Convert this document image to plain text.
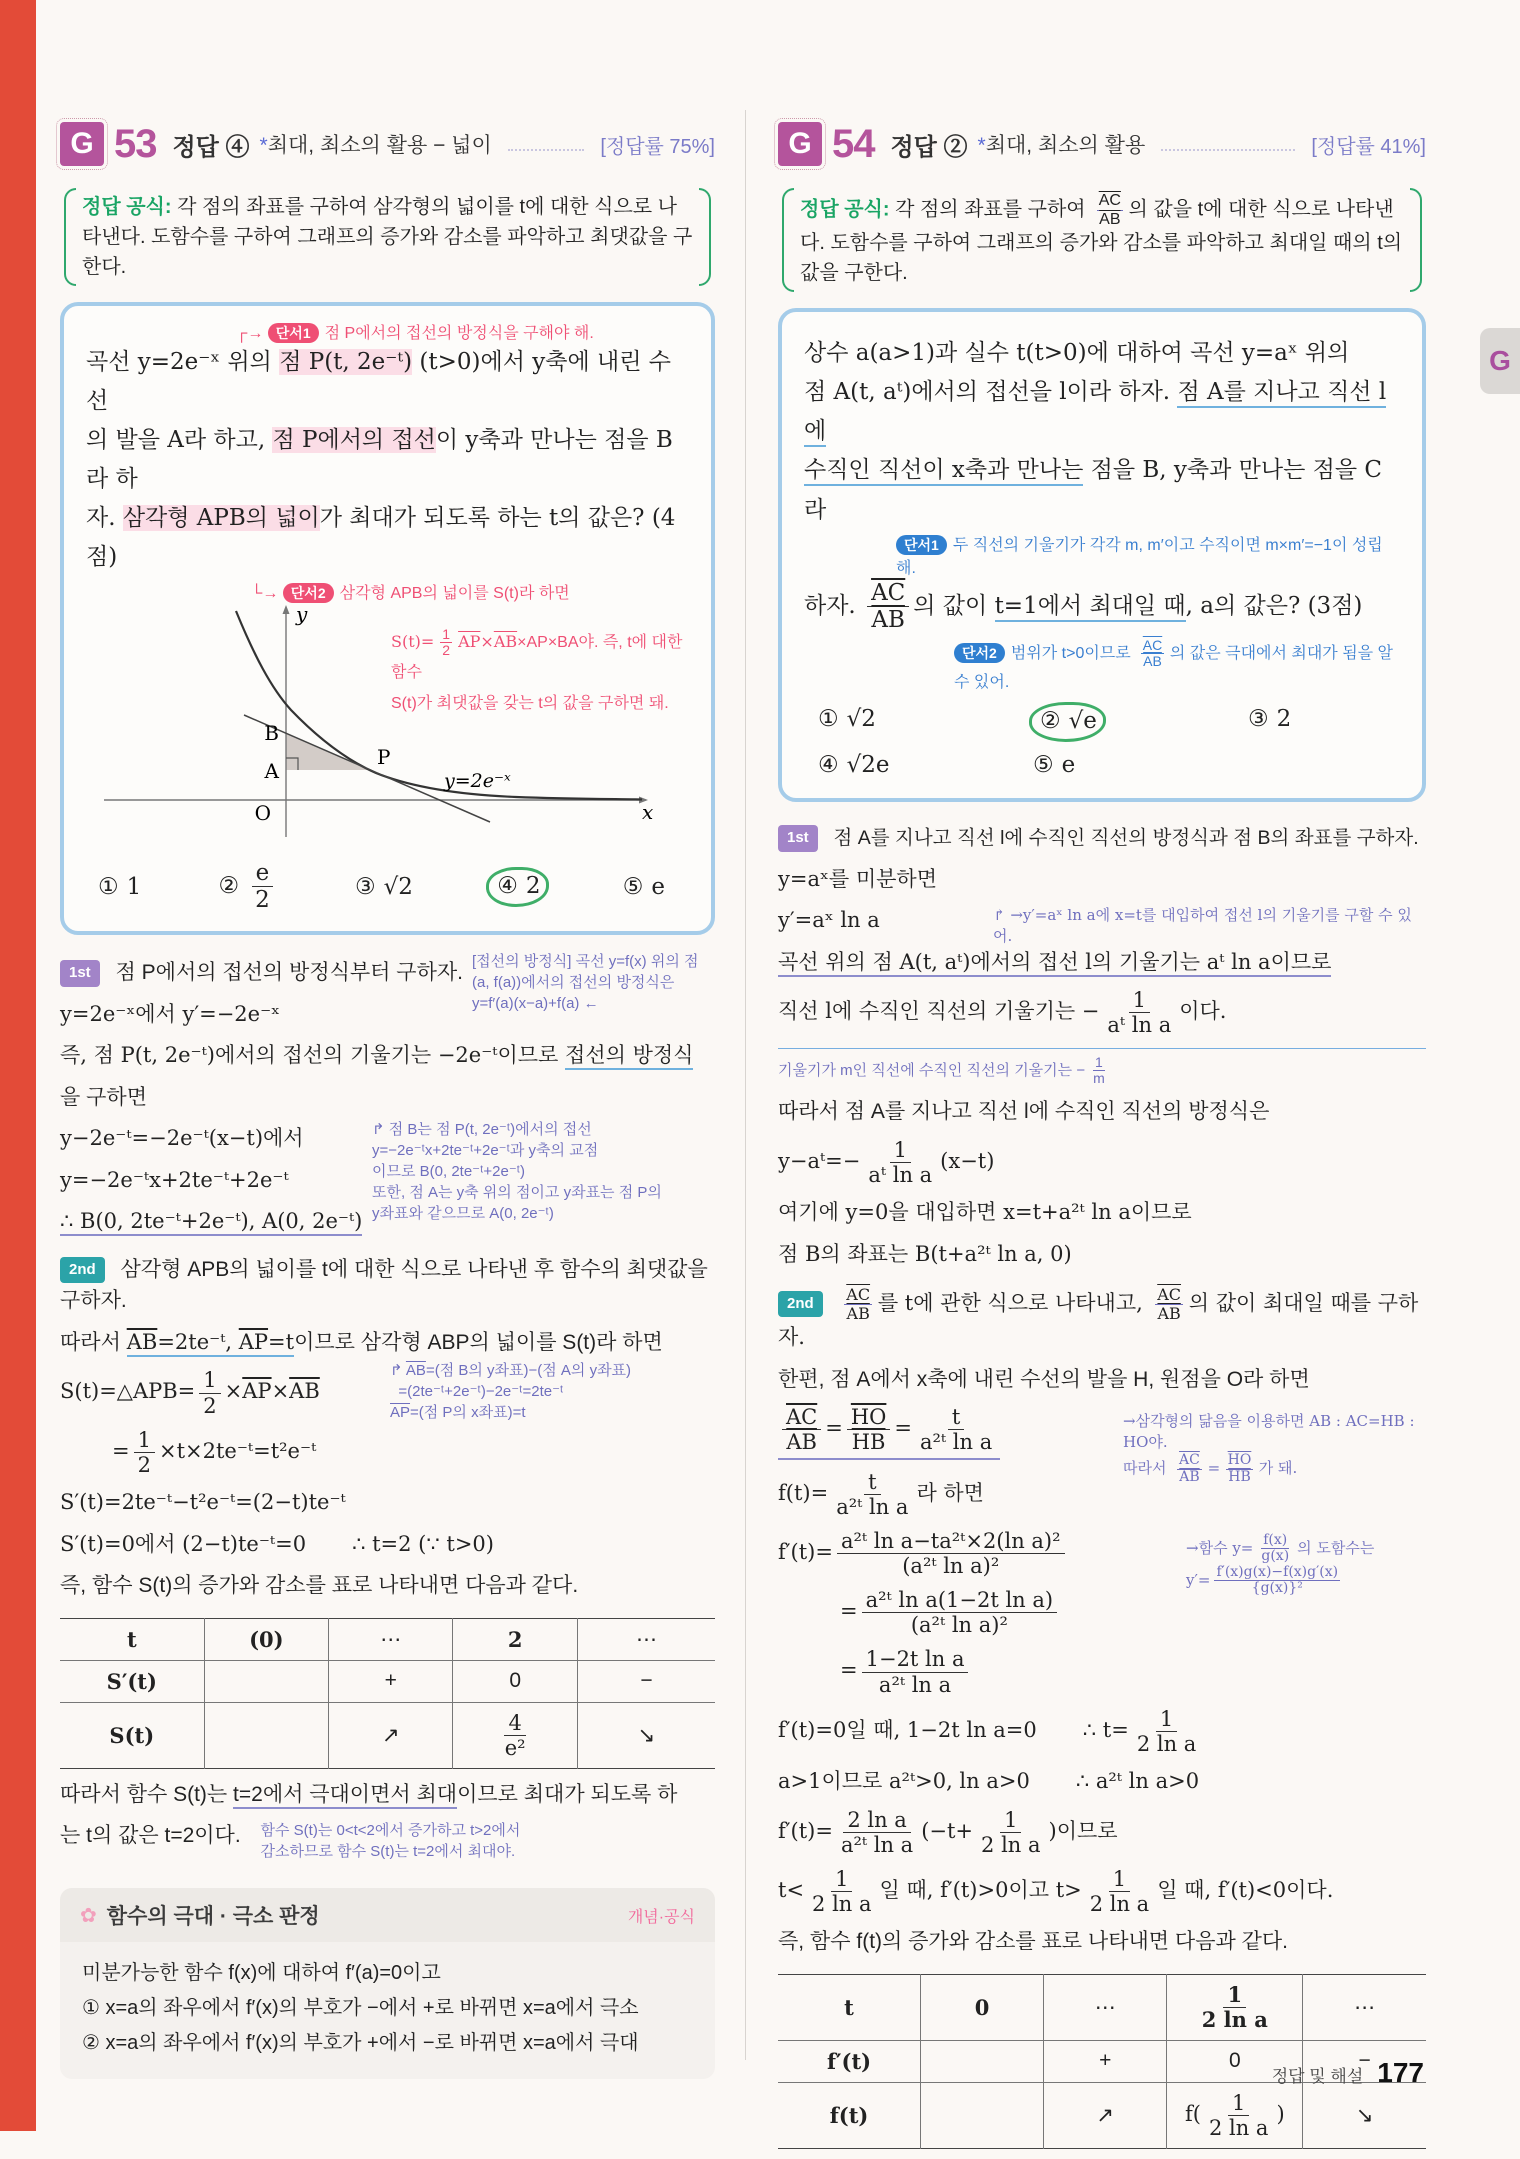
G
G 53 정답 ④ *최대, 최소의 활용 − 넓이	[정답률 75%]
정답 공식: 각 점의 좌표를 구하여 삼각형의 넓이를 t에 대한 식으로 나타낸다. 도함수를 구하여 그래프의 증가와 감소를 파악하고 최댓값을 구한다.
┌→ 단서1 점 P에서의 접선의 방정식을 구해야 해.
곡선 y=2e⁻ˣ 위의 점 P(t, 2e⁻ᵗ) (t>0)에서 y축에 내린 수선
의 발을 A라 하고, 점 P에서의 접선이 y축과 만나는 점을 B라 하
자. 삼각형 APB의 넓이가 최대가 되도록 하는 t의 값은? (4점)
└→ 단서2 삼각형 APB의 넓이를 S(t)라 하면
$S(t)= \frac{1}{2} \overline{AP}\times\overline{AB}\times AP\times BA$야. 즉, t에 대한 함수
S(t)가 최댓값을 갖는 t의 값을 구하면 돼.
B
A
P
O
y
x
y=2e⁻ˣ
① 1	② $\frac{e}{2}$	③ √2	④ 2	⑤ e
1st 점 P에서의 접선의 방정식부터 구하자. [접선의 방정식] 곡선 y=f(x) 위의 점
(a, f(a))에서의 접선의 방정식은
y=f′(a)(x−a)+f(a) ←
y=2e⁻ˣ에서 y′=−2e⁻ˣ
즉, 점 P(t, 2e⁻ᵗ)에서의 접선의 기울기는 −2e⁻ᵗ이므로 접선의 방정식
을 구하면
↱ 점 B는 점 P(t, 2e⁻ᵗ)에서의 접선
y=−2e⁻ᵗx+2te⁻ᵗ+2e⁻ᵗ과 y축의 교점
이므로 B(0, 2te⁻ᵗ+2e⁻ᵗ)
또한, 점 A는 y축 위의 점이고 y좌표는 점 P의
y좌표와 같으므로 A(0, 2e⁻ᵗ)
y−2e⁻ᵗ=−2e⁻ᵗ(x−t)에서
y=−2e⁻ᵗx+2te⁻ᵗ+2e⁻ᵗ
∴ B(0, 2te⁻ᵗ+2e⁻ᵗ), A(0, 2e⁻ᵗ)
2nd 삼각형 APB의 넓이를 t에 대한 식으로 나타낸 후 함수의 최댓값을 구하자.
따라서 $\overline{AB}=2te^-ᵗ$, $\overline{AP}=t$이므로 삼각형 ABP의 넓이를 S(t)라 하면
↱ $\overline{AB}=$(점 B의 y좌표)−(점 A의 y좌표)
=(2te⁻ᵗ+2e⁻ᵗ)−2e⁻ᵗ=2te⁻ᵗ
$\overline{AP}=$(점 P의 x좌표)=t
S(t)=△APB= $\frac{1}{2} \times\overline{AP}\times\overline{AB}$
= $\frac{1}{2}$ ×t×2te⁻ᵗ=t²e⁻ᵗ
S′(t)=2te⁻ᵗ−t²e⁻ᵗ=(2−t)te⁻ᵗ
S′(t)=0에서 (2−t)te⁻ᵗ=0 ∴ t=2 (∵ t>0)
즉, 함수 S(t)의 증가와 감소를 표로 나타내면 다음과 같다.
t	(0)	⋯	2	⋯
S′(t)		+	0	−
S(t)		↗	$\frac{4}{\text{e²}}$	↘
따라서 함수 S(t)는 t=2에서 극대이면서 최대이므로 최대가 되도록 하
는 t의 값은 t=2이다. 함수 S(t)는 0<t<2에서 증가하고 t>2에서
감소하므로 함수 S(t)는 t=2에서 최대야.
✿ 함수의 극대 · 극소 판정	개념·공식
미분가능한 함수 f(x)에 대하여 f′(a)=0이고
① x=a의 좌우에서 f′(x)의 부호가 −에서 +로 바뀌면 x=a에서 극소
② x=a의 좌우에서 f′(x)의 부호가 +에서 −로 바뀌면 x=a에서 극대
G 54 정답 ② *최대, 최소의 활용	[정답률 41%]
정답 공식: 각 점의 좌표를 구하여 $\frac{\overline{AC}}{AB}$ 의 값을 t에 대한 식으로 나타낸다. 도함수를 구하여 그래프의 증가와 감소를 파악하고 최대일 때의 t의 값을 구한다.
상수 a(a>1)과 실수 t(t>0)에 대하여 곡선 y=aˣ 위의
점 A(t, aᵗ)에서의 접선을 l이라 하자. 점 A를 지나고 직선 l에
수직인 직선이 x축과 만나는 점을 B, y축과 만나는 점을 C라
단서1 두 직선의 기울기가 각각 m, m′이고 수직이면 m×m′=−1이 성립해.
하자. $\frac{\overline{AC}}{AB}$ 의 값이 t=1에서 최대일 때, a의 값은? (3점)
단서2 범위가 t>0이므로 $\frac{\overline{AC}}{AB}$ 의 값은 극대에서 최대가 됨을 알 수 있어.
① √2	② √e	③ 2
④ √2e	⑤ e
1st 점 A를 지나고 직선 l에 수직인 직선의 방정식과 점 B의 좌표를 구하자.
y=aˣ를 미분하면
y′=aˣ ln a	↱ →y′=aˣ ln a에 x=t를 대입하여 접선 l의 기울기를 구할 수 있어.
곡선 위의 점 A(t, aᵗ)에서의 접선 l의 기울기는 aᵗ ln a이므로
직선 l에 수직인 직선의 기울기는 − $\frac{1}{\text{aᵗ ln a}}$ 이다.
기울기가 m인 직선에 수직인 직선의 기울기는 − $\frac{1}{m}$
따라서 점 A를 지나고 직선 l에 수직인 직선의 방정식은
y−aᵗ=− $\frac{1}{\text{aᵗ ln a}} (x-t)$
여기에 y=0을 대입하면 x=t+a²ᵗ ln a이므로
점 B의 좌표는 B(t+a²ᵗ ln a, 0)
$2nd \frac{\overline{AC}}{AB}$ 를 t에 관한 식으로 나타내고, $\frac{\overline{AC}}{AB}$ 의 값이 최대일 때를 구하자.
한편, 점 A에서 x축에 내린 수선의 발을 H, 원점을 O라 하면
$\frac{\overline{AC}}{AB} = \frac{\overline{HO}}{HB} = \frac{t}{\text{a²ᵗ ln a}}$	→삼각형의 닮음을 이용하면 AB : AC=HB : HO야.
따라서 $\frac{\overline{AC}}{AB} = \frac{\overline{HO}}{HB}$ 가 돼.
$f(t)= \frac{t}{\text{a²ᵗ ln a}}$ 라 하면
$f'(t)= \frac{\text{a²ᵗ ln a−ta²ᵗ×2(ln a)²}}{\text{(a²ᵗ ln a)²}}$	→함수 $y= \frac{f(x)}{g(x)}$ 의 도함수는
$y'= \frac{f'(x)g(x)-f(x)g'(x)}{\text{\{g(x)\}²}}$
= $\frac{\text{a²ᵗ ln a(1−2t ln a)}}{\text{(a²ᵗ ln a)²}}$
= $\frac{\text{1−2t ln a}}{\text{a²ᵗ ln a}}$
f′(t)=0일 때, 1−2t ln a=0 ∴ $t= \frac{1}{\text{2 ln a}}$
a>1이므로 a²ᵗ>0, ln a>0 ∴ a²ᵗ ln a>0
$f'(t)= \frac{\text{2 ln a}}{\text{a²ᵗ ln a}} (-t+ \frac{1}{\text{2 ln a}}$ )이므로
$t< \frac{1}{\text{2 ln a}}$ 일 때, f′(t)>0이고 $t> \frac{1}{\text{2 ln a}}$ 일 때, f′(t)<0이다.
즉, 함수 f(t)의 증가와 감소를 표로 나타내면 다음과 같다.
t	0	⋯	$\frac{1}{\text{2 ln a}}$	⋯
f′(t)		+	0	−
f(t)		↗	$f( \frac{1}{\text{2 ln a}}$ )	↘
정답 및 해설 177
